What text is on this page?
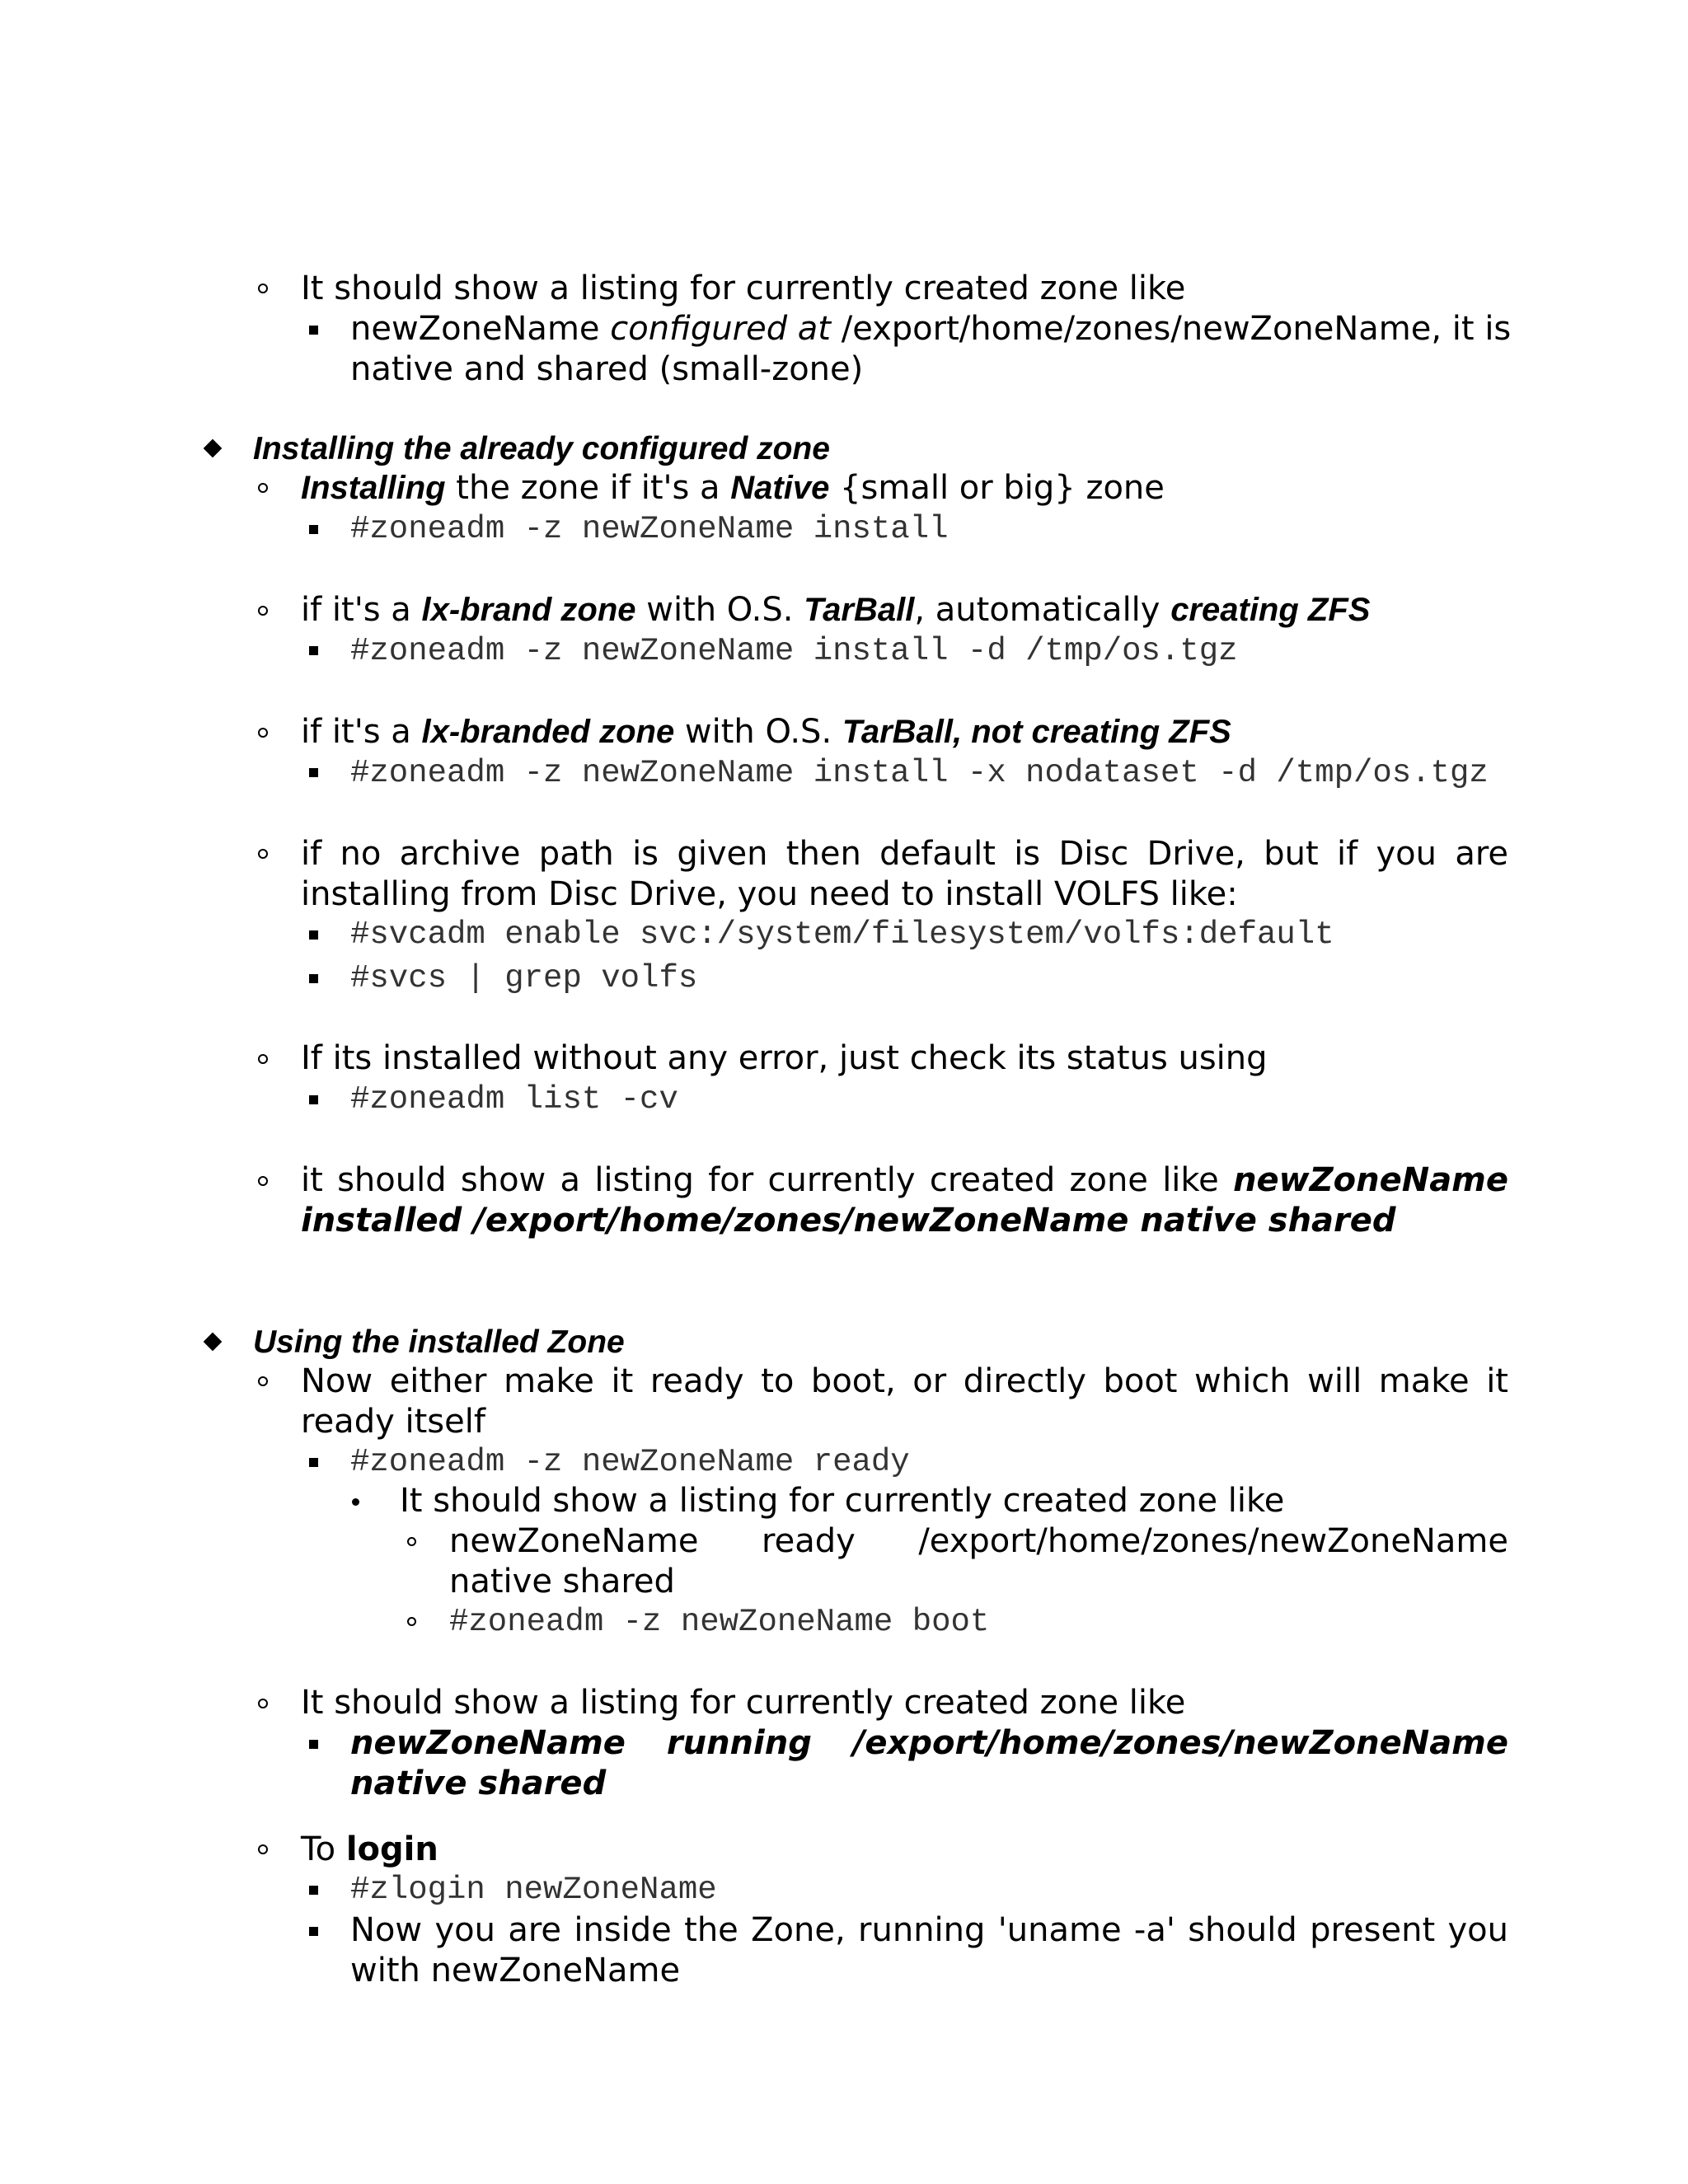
It should show a listing for currently created zone like
newZoneName configured at /export/home/zones/newZoneName, it is
native and shared (small-zone)
Installing the already configured zone
Installing the zone if it's a Native {small or big} zone
#zoneadm -z newZoneName install
if it's a lx-brand zone with O.S. TarBall, automatically creating ZFS
#zoneadm -z newZoneName install -d /tmp/os.tgz
if it's a lx-branded zone with O.S. TarBall, not creating ZFS
#zoneadm -z newZoneName install -x nodataset -d /tmp/os.tgz
if no archive path is given then default is Disc Drive, but if you are
installing from Disc Drive, you need to install VOLFS like:
#svcadm enable svc:/system/filesystem/volfs:default
#svcs | grep volfs
If its installed without any error, just check its status using
#zoneadm list -cv
it should show a listing for currently created zone like newZoneName
installed /export/home/zones/newZoneName native shared
Using the installed Zone
Now either make it ready to boot, or directly boot which will make it
ready itself
#zoneadm -z newZoneName ready
It should show a listing for currently created zone like
newZoneName ready /export/home/zones/newZoneName
native shared
#zoneadm -z newZoneName boot
It should show a listing for currently created zone like
newZoneName running /export/home/zones/newZoneName
native shared
To login
#zlogin newZoneName
Now you are inside the Zone, running 'uname -a' should present you
with newZoneName
